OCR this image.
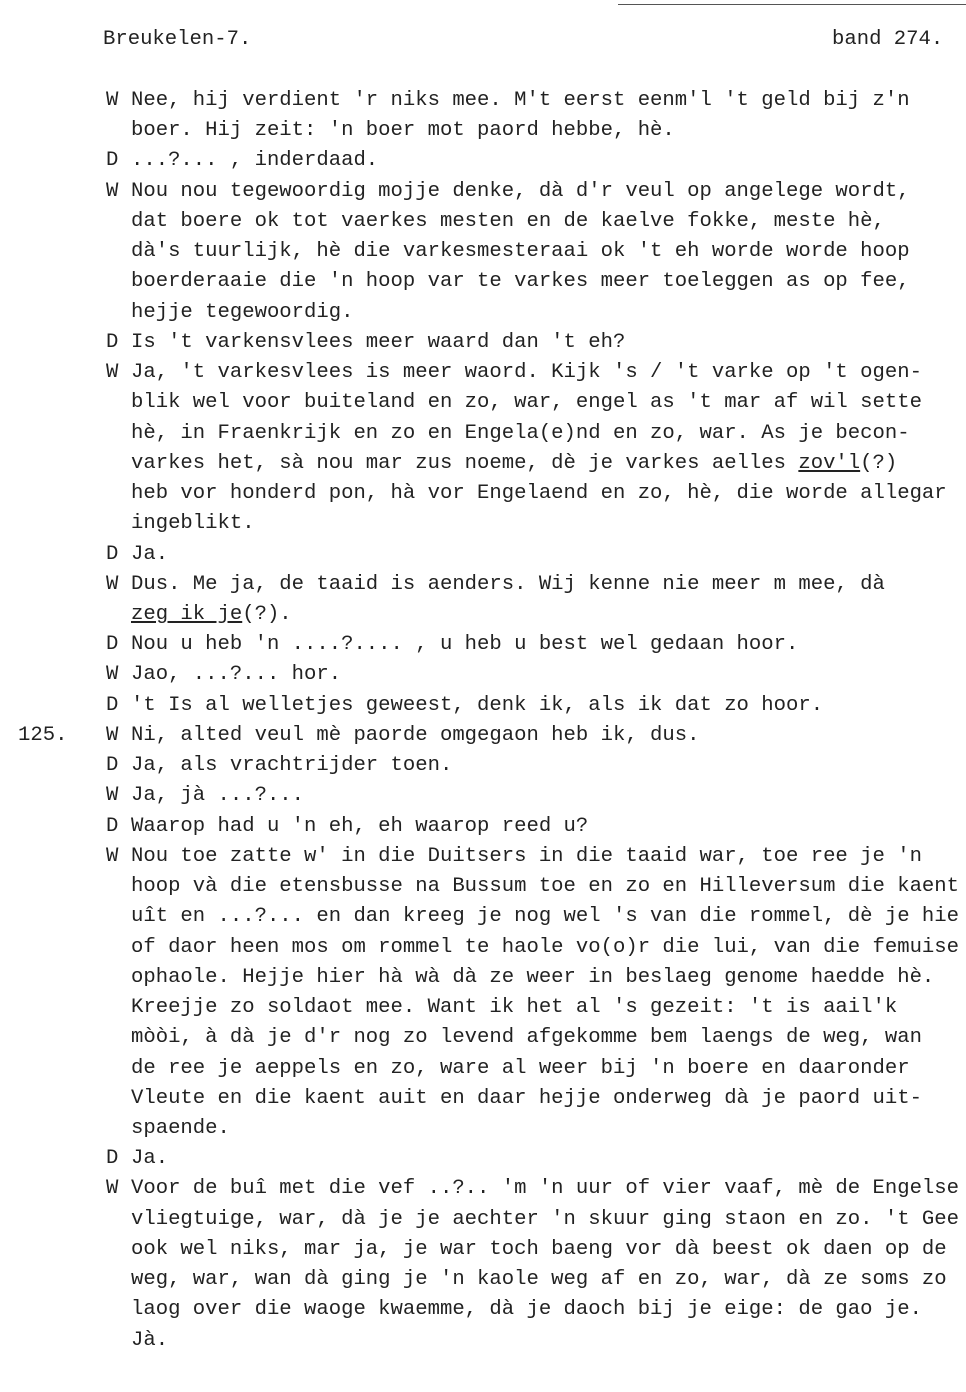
Breukelen-7.	band 274.
125.
W Nee, hij verdient 'r niks mee. M't eerst eenm'l 't geld bij z'n
boer. Hij zeit: 'n boer mot paord hebbe, hè.
D ...?... , inderdaad.
W Nou nou tegewoordig mojje denke, dà d'r veul op angelege wordt,
dat boere ok tot vaerkes mesten en de kaelve fokke, meste hè,
dà's tuurlijk, hè die varkesmesteraai ok 't eh worde worde hoop
boerderaaie die 'n hoop var te varkes meer toeleggen as op fee,
hejje tegewoordig.
D Is 't varkensvlees meer waard dan 't eh?
W Ja, 't varkesvlees is meer waord. Kijk 's / 't varke op 't ogen-
blik wel voor buiteland en zo, war, engel as 't mar af wil sette
hè, in Fraenkrijk en zo en Engela(e)nd en zo, war. As je becon-
varkes het, sà nou mar zus noeme, dè je varkes aelles zov'l(?)
heb vor honderd pon, hà vor Engelaend en zo, hè, die worde allegar
ingeblikt.
D Ja.
W Dus. Me ja, de taaid is aenders. Wij kenne nie meer m mee, dà
zeg ik je(?).
D Nou u heb 'n ....?.... , u heb u best wel gedaan hoor.
W Jao, ...?... hor.
D 't Is al welletjes geweest, denk ik, als ik dat zo hoor.
W Ni, alted veul mè paorde omgegaon heb ik, dus.
D Ja, als vrachtrijder toen.
W Ja, jà ...?...
D Waarop had u 'n eh, eh waarop reed u?
W Nou toe zatte w' in die Duitsers in die taaid war, toe ree je 'n
hoop và die etensbusse na Bussum toe en zo en Hilleversum die kaent
uît en ...?... en dan kreeg je nog wel 's van die rommel, dè je hie
of daor heen mos om rommel te haole vo(o)r die lui, van die femuise
ophaole. Hejje hier hà wà dà ze weer in beslaeg genome haedde hè.
Kreejje zo soldaot mee. Want ik het al 's gezeit: 't is aail'k
mòòi, à dà je d'r nog zo levend afgekomme bem laengs de weg, wan
de ree je aeppels en zo, ware al weer bij 'n boere en daaronder
Vleute en die kaent auit en daar hejje onderweg dà je paord uit-
spaende.
D Ja.
W Voor de buî met die vef ..?.. 'm 'n uur of vier vaaf, mè de Engelse
vliegtuige, war, dà je je aechter 'n skuur ging staon en zo. 't Gee
ook wel niks, mar ja, je war toch baeng vor dà beest ok daen op de
weg, war, wan dà ging je 'n kaole weg af en zo, war, dà ze soms zo
laog over die waoge kwaemme, dà je daoch bij je eige: de gao je.
Jà.
